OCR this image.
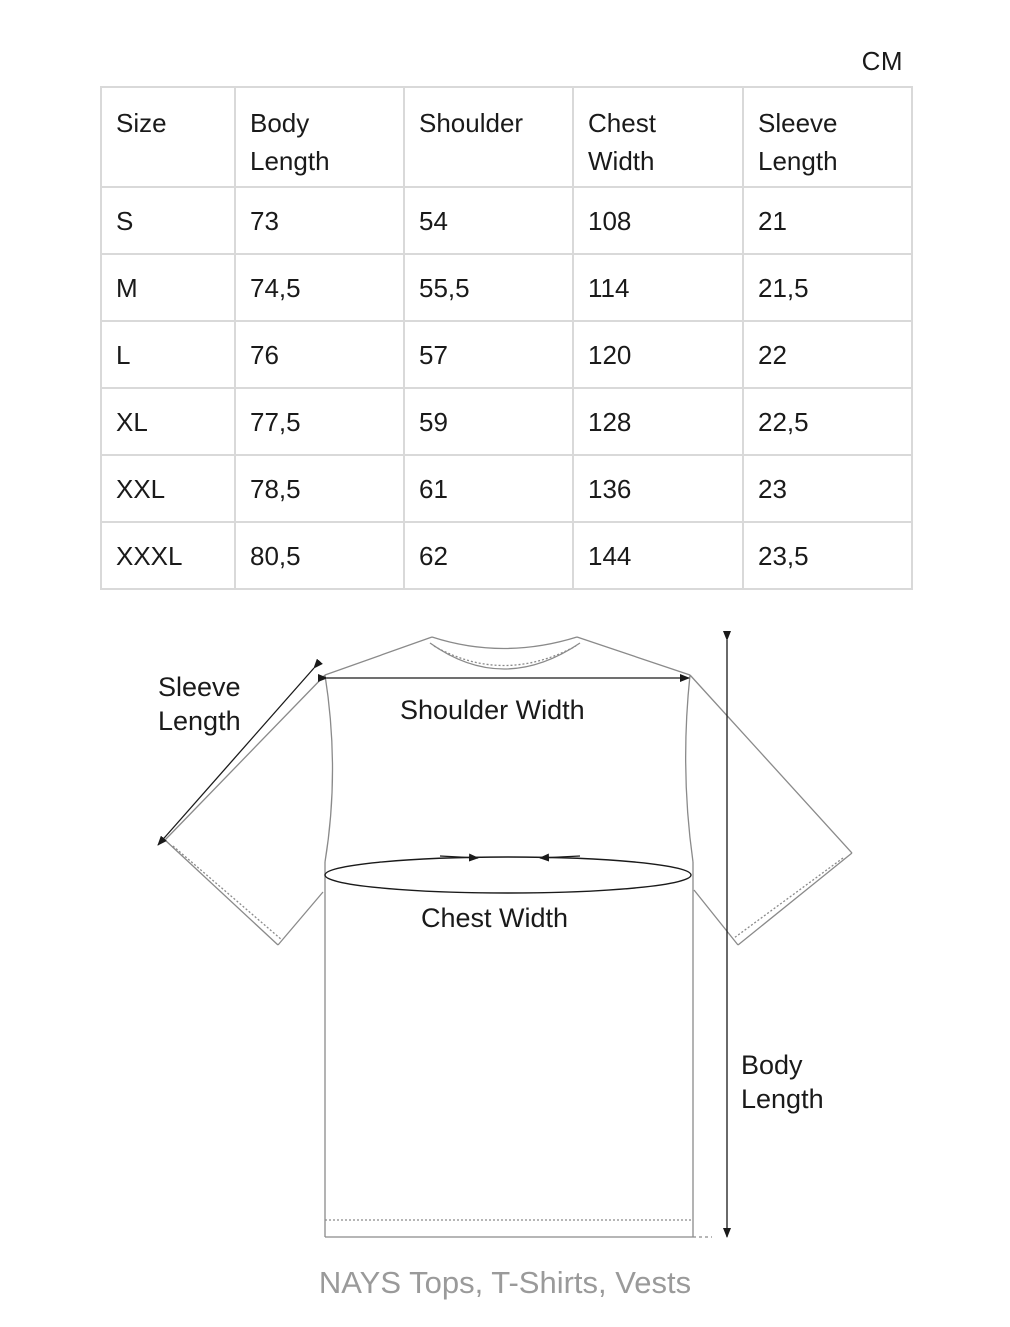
CM
Size	Body Length	Shoulder	Chest Width	Sleeve Length
S	73	54	108	21
M	74,5	55,5	114	21,5
L	76	57	120	22
XL	77,5	59	128	22,5
XXL	78,5	61	136	23
XXXL	80,5	62	144	23,5
Sleeve
Length	Shoulder Width
Chest Width
Body
Length
NAYS Tops, T-Shirts, Vests
